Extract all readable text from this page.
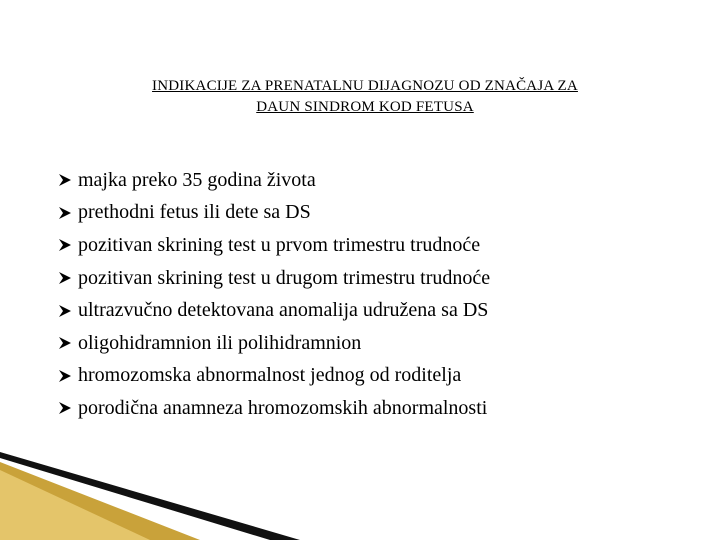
INDIKACIJE ZA PRENATALNU DIJAGNOZU OD ZNAČAJA ZA
DAUN SINDROM KOD FETUSA
majka preko 35 godina života
prethodni fetus ili dete sa DS
pozitivan skrining test u prvom trimestru trudnoće
pozitivan skrining test u drugom trimestru trudnoće
ultrazvučno detektovana anomalija udružena sa DS
oligohidramnion ili polihidramnion
hromozomska abnormalnost jednog od roditelja
porodična anamneza hromozomskih abnormalnosti
